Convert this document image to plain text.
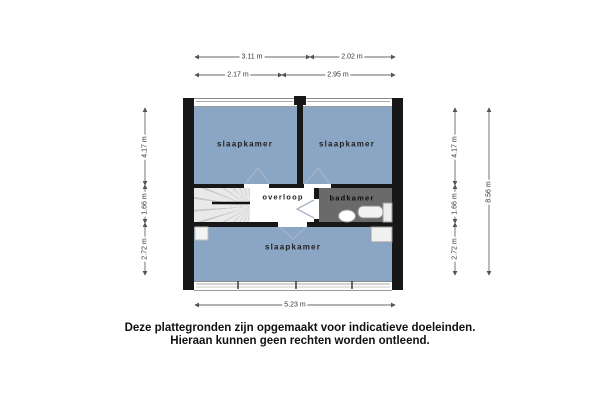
3.11 m	2.02 m
2.17 m	2.95 m
4.17 m
1.66 m
2.72 m
4.17 m
1.66 m
2.72 m
8.56 m
5.23 m
slaapkamer	slaapkamer
overloop	badkamer
slaapkamer
Deze plattegronden zijn opgemaakt voor indicatieve doeleinden.
Hieraan kunnen geen rechten worden ontleend.
